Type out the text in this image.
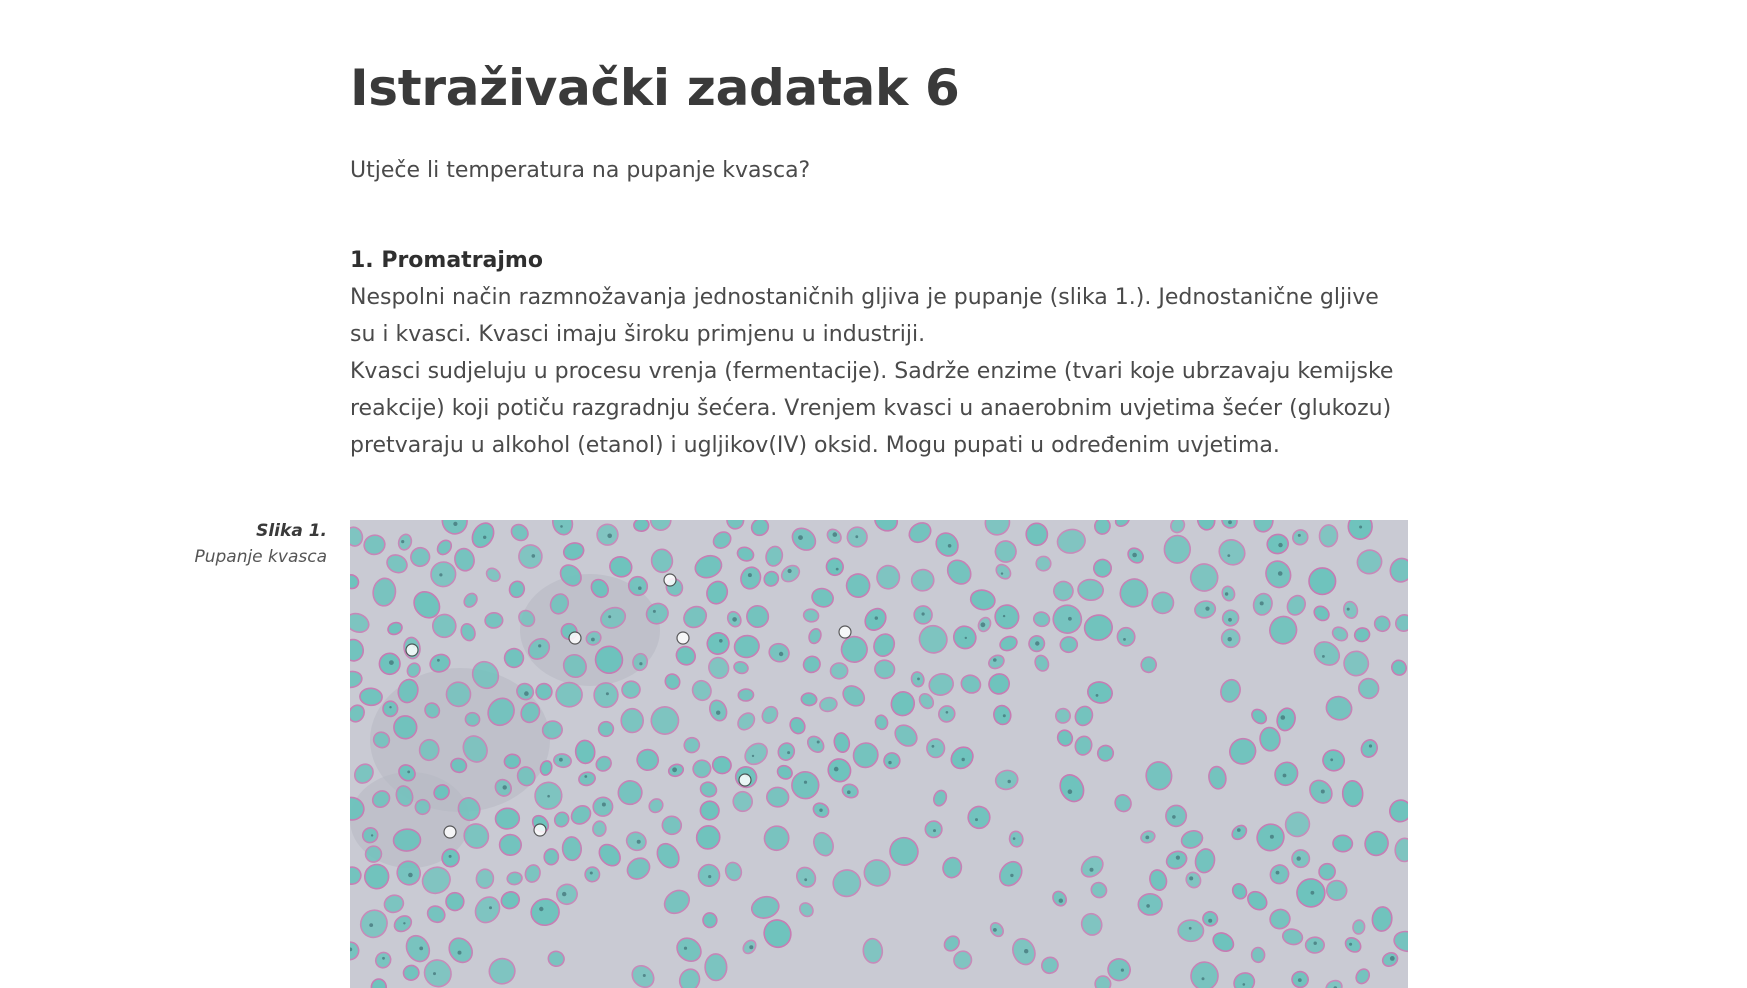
Istraživački zadatak 6

Utječe li temperatura na pupanje kvasca?

1. Promatrajmo

Nespolni način razmnožavanja jednostaničnih gljiva je pupanje (slika 1.). Jednostanične gljive su i kvasci. Kvasci imaju široku primjenu u industriji.

Kvasci sudjeluju u procesu vrenja (fermentacije). Sadrže enzime (tvari koje ubrzavaju kemijske reakcije) koji potiču razgradnju šećera. Vrenjem kvasci u anaerobnim uvjetima šećer (glukozu) pretvaraju u alkohol (etanol) i ugljikov(IV) oksid. Mogu pupati u određenim uvjetima.

Slika 1.
Pupanje kvasca
